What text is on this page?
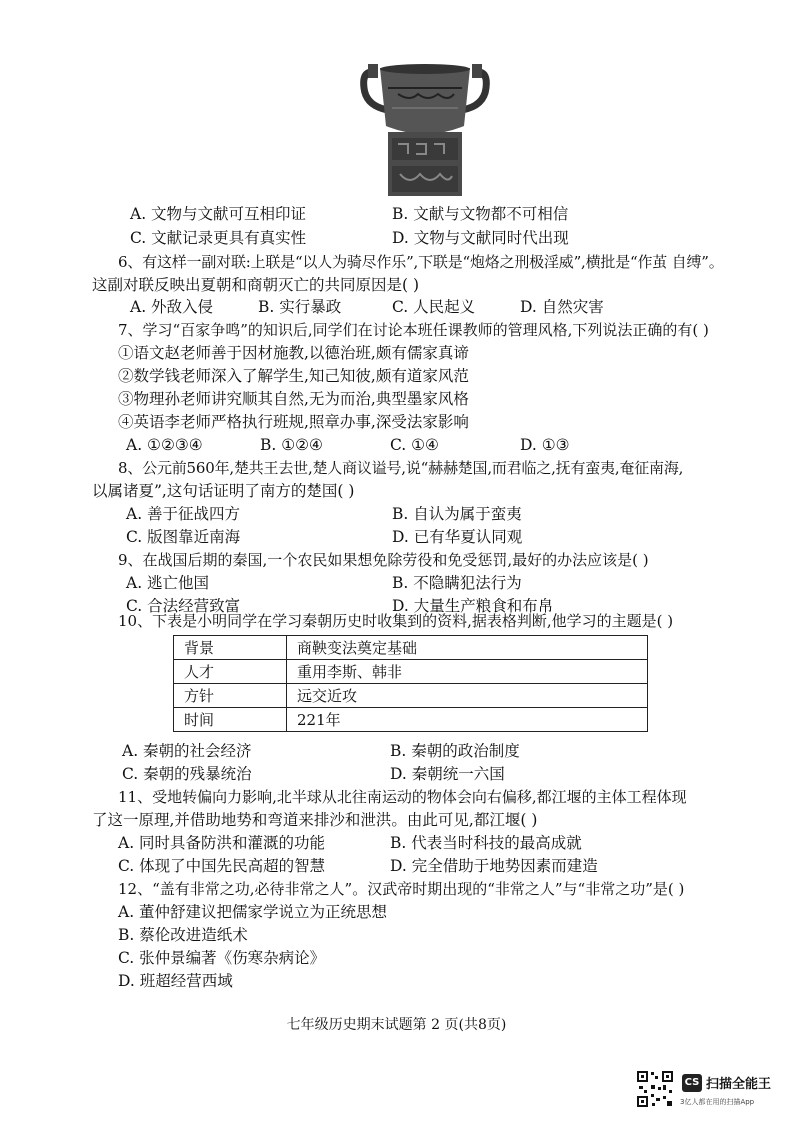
A. 文物与文献可互相印证	B. 文献与文物都不可相信
C. 文献记录更具有真实性	D. 文物与文献同时代出现
6、有这样一副对联:上联是“以人为骑尽作乐”,下联是“炮烙之刑极淫威”,横批是“作茧 自缚”。
这副对联反映出夏朝和商朝灭亡的共同原因是( )
A. 外敌入侵	B. 实行暴政	C. 人民起义	D. 自然灾害
7、学习“百家争鸣”的知识后,同学们在讨论本班任课教师的管理风格,下列说法正确的有( )
①语文赵老师善于因材施教,以德治班,颇有儒家真谛
②数学钱老师深入了解学生,知己知彼,颇有道家风范
③物理孙老师讲究顺其自然,无为而治,典型墨家风格
④英语李老师严格执行班规,照章办事,深受法家影响
A. ①②③④	B. ①②④	C. ①④	D. ①③
8、公元前560年,楚共王去世,楚人商议谥号,说“赫赫楚国,而君临之,抚有蛮夷,奄征南海,
以属诸夏”,这句话证明了南方的楚国( )
A. 善于征战四方	B. 自认为属于蛮夷
C. 版图靠近南海	D. 已有华夏认同观
9、在战国后期的秦国,一个农民如果想免除劳役和免受惩罚,最好的办法应该是( )
A. 逃亡他国	B. 不隐瞒犯法行为
C. 合法经营致富	D. 大量生产粮食和布帛
10、下表是小明同学在学习秦朝历史时收集到的资料,据表格判断,他学习的主题是( )
背景	商鞅变法奠定基础
人才	重用李斯、韩非
方针	远交近攻
时间	221年
A. 秦朝的社会经济	B. 秦朝的政治制度
C. 秦朝的残暴统治	D. 秦朝统一六国
11、受地转偏向力影响,北半球从北往南运动的物体会向右偏移,都江堰的主体工程体现
了这一原理,并借助地势和弯道来排沙和泄洪。由此可见,都江堰( )
A. 同时具备防洪和灌溉的功能	B. 代表当时科技的最高成就
C. 体现了中国先民高超的智慧	D. 完全借助于地势因素而建造
12、“盖有非常之功,必待非常之人”。汉武帝时期出现的“非常之人”与“非常之功”是( )
A. 董仲舒建议把儒家学说立为正统思想
B. 蔡伦改进造纸术
C. 张仲景编著《伤寒杂病论》
D. 班超经营西域
七年级历史期末试题第 2 页(共8页)
CS 扫描全能王
3亿人都在用的扫描App
